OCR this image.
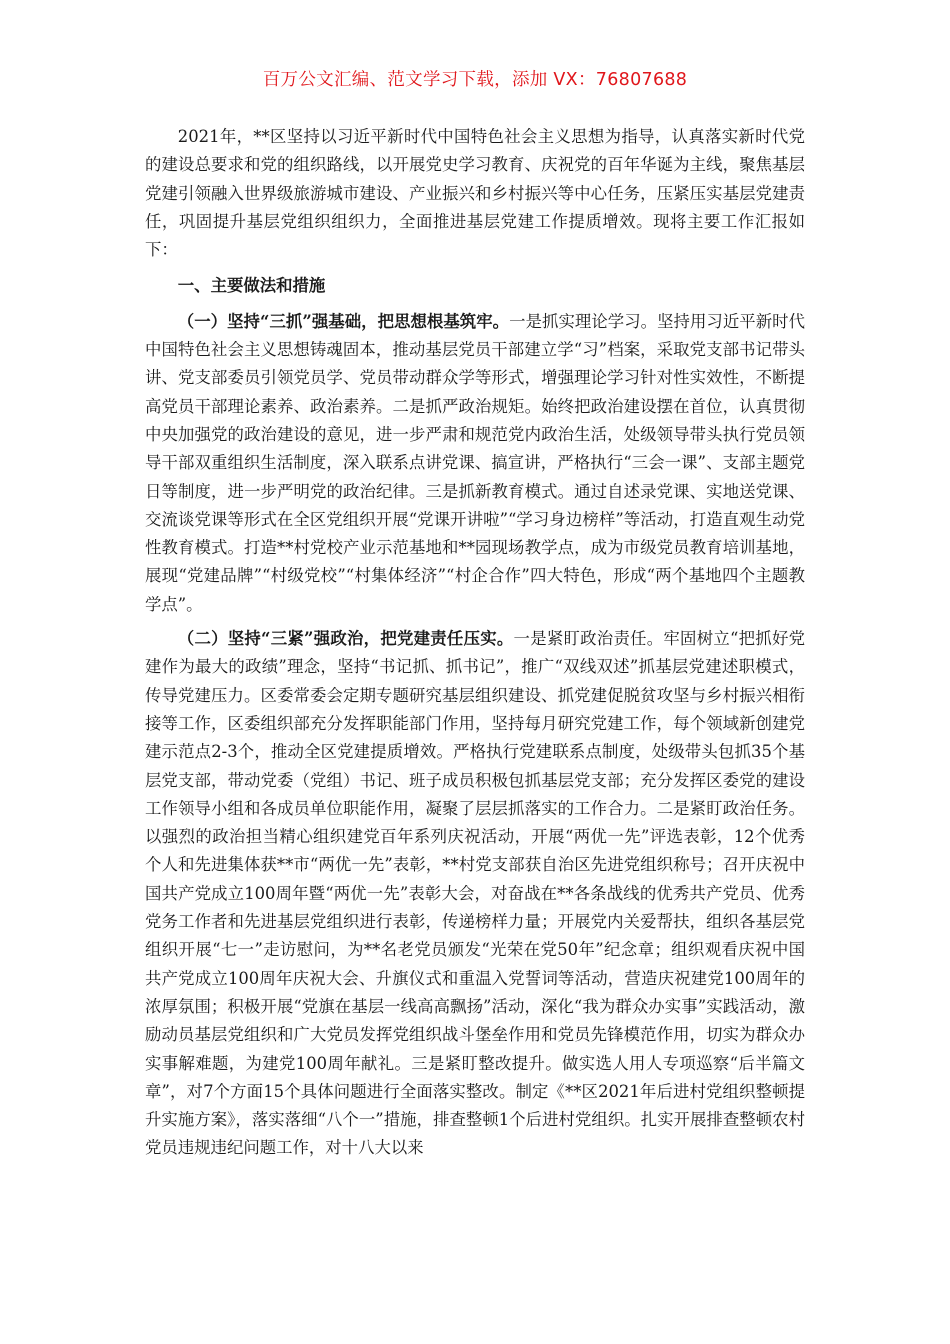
百万公文汇编、范文学习下载，添加 VX：76807688

2021年，**区坚持以习近平新时代中国特色社会主义思想为指导，认真落实新时代党的建设总要求和党的组织路线，以开展党史学习教育、庆祝党的百年华诞为主线，聚焦基层党建引领融入世界级旅游城市建设、产业振兴和乡村振兴等中心任务，压紧压实基层党建责任，巩固提升基层党组织组织力，全面推进基层党建工作提质增效。现将主要工作汇报如下：

一、主要做法和措施

（一）坚持“三抓”强基础，把思想根基筑牢。一是抓实理论学习。坚持用习近平新时代中国特色社会主义思想铸魂固本，推动基层党员干部建立学“习”档案，采取党支部书记带头讲、党支部委员引领党员学、党员带动群众学等形式，增强理论学习针对性实效性，不断提高党员干部理论素养、政治素养。二是抓严政治规矩。始终把政治建设摆在首位，认真贯彻中央加强党的政治建设的意见，进一步严肃和规范党内政治生活，处级领导带头执行党员领导干部双重组织生活制度，深入联系点讲党课、搞宣讲，严格执行“三会一课”、支部主题党日等制度，进一步严明党的政治纪律。三是抓新教育模式。通过自述录党课、实地送党课、交流谈党课等形式在全区党组织开展“党课开讲啦”“学习身边榜样”等活动，打造直观生动党性教育模式。打造**村党校产业示范基地和**园现场教学点，成为市级党员教育培训基地，展现“党建品牌”“村级党校”“村集体经济”“村企合作”四大特色，形成“两个基地四个主题教学点”。

（二）坚持“三紧”强政治，把党建责任压实。一是紧盯政治责任。牢固树立“把抓好党建作为最大的政绩”理念，坚持“书记抓、抓书记”，推广“双线双述”抓基层党建述职模式，传导党建压力。区委常委会定期专题研究基层组织建设、抓党建促脱贫攻坚与乡村振兴相衔接等工作，区委组织部充分发挥职能部门作用，坚持每月研究党建工作，每个领域新创建党建示范点2-3个，推动全区党建提质增效。严格执行党建联系点制度，处级带头包抓35个基层党支部，带动党委（党组）书记、班子成员积极包抓基层党支部；充分发挥区委党的建设工作领导小组和各成员单位职能作用，凝聚了层层抓落实的工作合力。二是紧盯政治任务。以强烈的政治担当精心组织建党百年系列庆祝活动，开展“两优一先”评选表彰，12个优秀个人和先进集体获**市“两优一先”表彰，**村党支部获自治区先进党组织称号；召开庆祝中国共产党成立100周年暨“两优一先”表彰大会，对奋战在**各条战线的优秀共产党员、优秀党务工作者和先进基层党组织进行表彰，传递榜样力量；开展党内关爱帮扶，组织各基层党组织开展“七一”走访慰问，为**名老党员颁发“光荣在党50年”纪念章；组织观看庆祝中国共产党成立100周年庆祝大会、升旗仪式和重温入党誓词等活动，营造庆祝建党100周年的浓厚氛围；积极开展“党旗在基层一线高高飘扬”活动，深化“我为群众办实事”实践活动，激励动员基层党组织和广大党员发挥党组织战斗堡垒作用和党员先锋模范作用，切实为群众办实事解难题，为建党100周年献礼。三是紧盯整改提升。做实选人用人专项巡察“后半篇文章”，对7个方面15个具体问题进行全面落实整改。制定《**区2021年后进村党组织整顿提升实施方案》，落实落细“八个一”措施，排查整顿1个后进村党组织。扎实开展排查整顿农村党员违规违纪问题工作，对十八大以来
